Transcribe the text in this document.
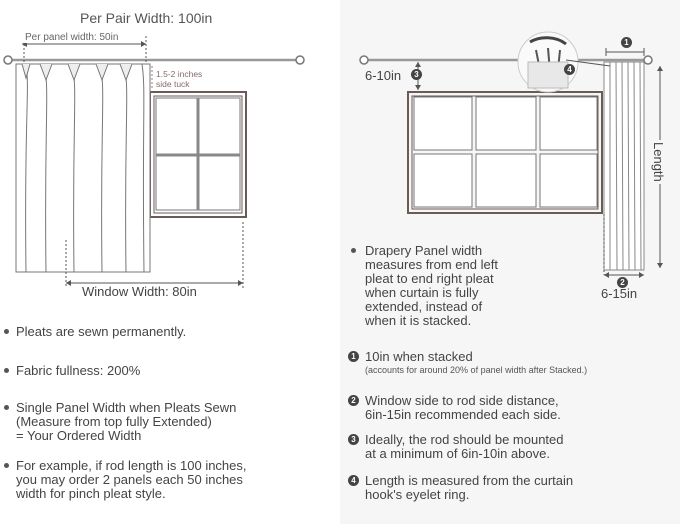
Per Pair Width: 100in
Per panel width: 50in
1.5-2 inches
side tuck
Window Width: 80in
Pleats are sewn permanently.
Fabric fullness: 200%
Single Panel Width when Pleats Sewn
(Measure from top fully Extended)
= Your Ordered Width
For example, if rod length is 100 inches,
you may order 2 panels each 50 inches
width for pinch pleat style.
6-10in	3
1
4
2
6-15in
Length
Drapery Panel width
measures from end left
pleat to end right pleat
when curtain is fully
extended, instead of
when it is stacked.
1 10in when stacked
(accounts for around 20% of panel width after Stacked.)
2 Window side to rod side distance,
6in-15in recommended each side.
3 Ideally, the rod should be mounted
at a minimum of 6in-10in above.
4 Length is measured from the curtain
hook's eyelet ring.
